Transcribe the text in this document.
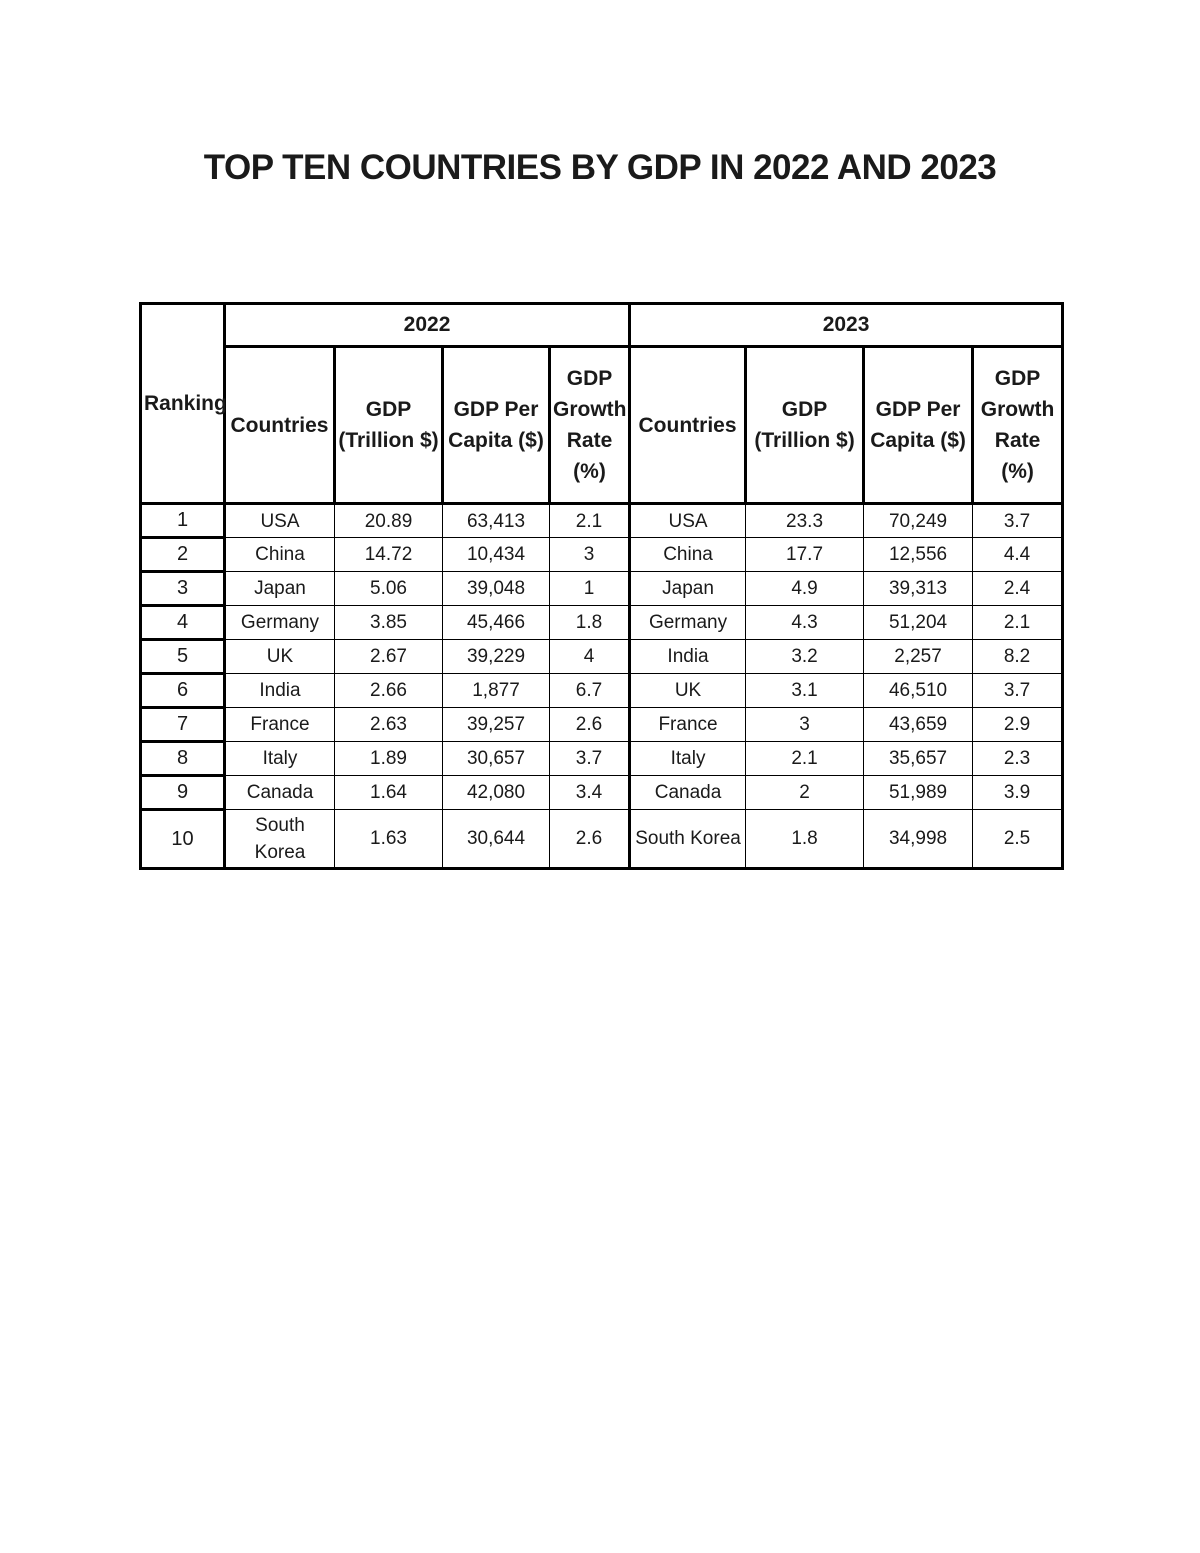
TOP TEN COUNTRIES BY GDP IN 2022 AND 2023
Ranking	2022				2023			
	Countries	GDP (Trillion $)	GDP Per Capita ($)	GDP Growth Rate (%)	Countries	GDP (Trillion $)	GDP Per Capita ($)	GDP Growth Rate (%)
1	USA	20.89	63,413	2.1	USA	23.3	70,249	3.7
2	China	14.72	10,434	3	China	17.7	12,556	4.4
3	Japan	5.06	39,048	1	Japan	4.9	39,313	2.4
4	Germany	3.85	45,466	1.8	Germany	4.3	51,204	2.1
5	UK	2.67	39,229	4	India	3.2	2,257	8.2
6	India	2.66	1,877	6.7	UK	3.1	46,510	3.7
7	France	2.63	39,257	2.6	France	3	43,659	2.9
8	Italy	1.89	30,657	3.7	Italy	2.1	35,657	2.3
9	Canada	1.64	42,080	3.4	Canada	2	51,989	3.9
10	South Korea	1.63	30,644	2.6	South Korea	1.8	34,998	2.5
